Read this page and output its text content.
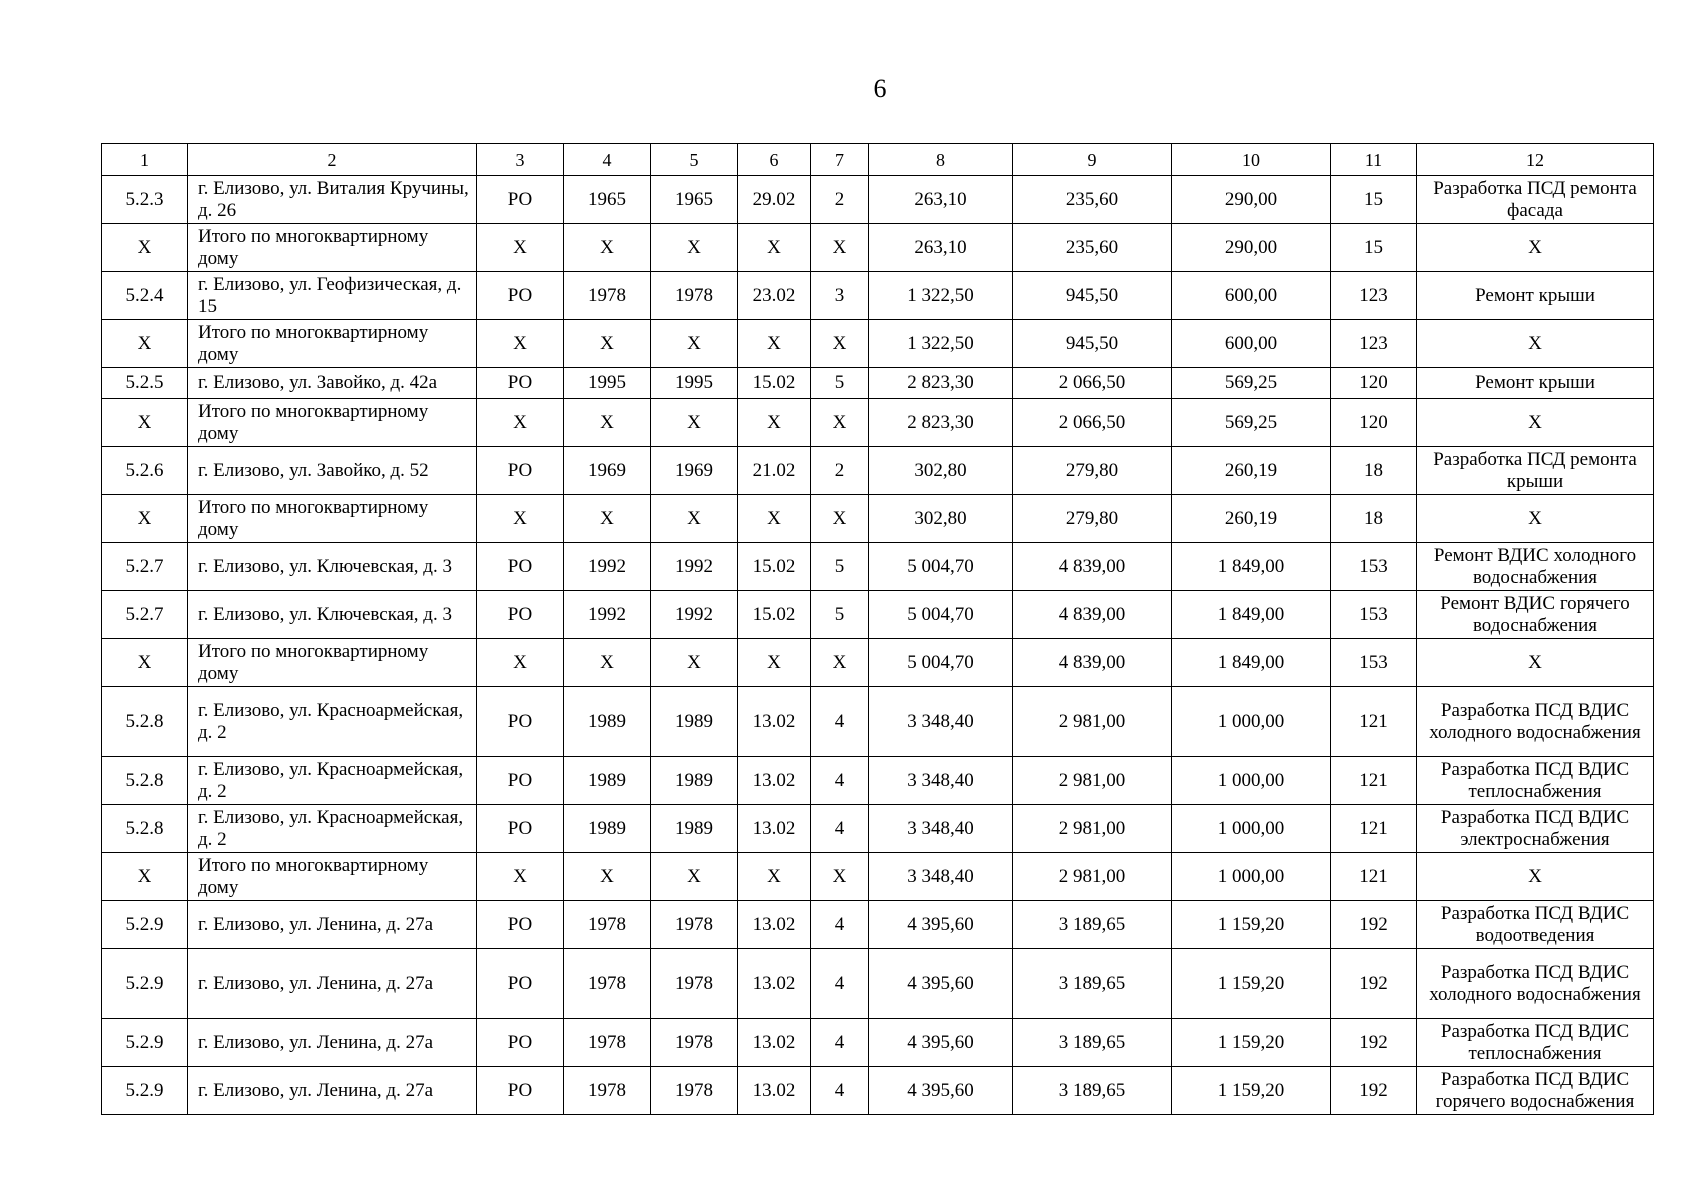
6
1	2	3	4	5	6	7	8	9	10	11	12
5.2.3	г. Елизово, ул. Виталия Кручины, д. 26	РО	1965	1965	29.02	2	263,10	235,60	290,00	15	Разработка ПСД ремонта фасада
Х	Итого по многоквартирному дому	Х	Х	Х	Х	Х	263,10	235,60	290,00	15	Х
5.2.4	г. Елизово, ул. Геофизическая, д. 15	РО	1978	1978	23.02	3	1 322,50	945,50	600,00	123	Ремонт крыши
Х	Итого по многоквартирному дому	Х	Х	Х	Х	Х	1 322,50	945,50	600,00	123	Х
5.2.5	г. Елизово, ул. Завойко, д. 42а	РО	1995	1995	15.02	5	2 823,30	2 066,50	569,25	120	Ремонт крыши
Х	Итого по многоквартирному дому	Х	Х	Х	Х	Х	2 823,30	2 066,50	569,25	120	Х
5.2.6	г. Елизово, ул. Завойко, д. 52	РО	1969	1969	21.02	2	302,80	279,80	260,19	18	Разработка ПСД ремонта крыши
Х	Итого по многоквартирному дому	Х	Х	Х	Х	Х	302,80	279,80	260,19	18	Х
5.2.7	г. Елизово, ул. Ключевская, д. 3	РО	1992	1992	15.02	5	5 004,70	4 839,00	1 849,00	153	Ремонт ВДИС холодного водоснабжения
5.2.7	г. Елизово, ул. Ключевская, д. 3	РО	1992	1992	15.02	5	5 004,70	4 839,00	1 849,00	153	Ремонт ВДИС горячего водоснабжения
Х	Итого по многоквартирному дому	Х	Х	Х	Х	Х	5 004,70	4 839,00	1 849,00	153	Х
5.2.8	г. Елизово, ул. Красноармейская, д. 2	РО	1989	1989	13.02	4	3 348,40	2 981,00	1 000,00	121	Разработка ПСД ВДИС холодного водоснабжения
5.2.8	г. Елизово, ул. Красноармейская, д. 2	РО	1989	1989	13.02	4	3 348,40	2 981,00	1 000,00	121	Разработка ПСД ВДИС теплоснабжения
5.2.8	г. Елизово, ул. Красноармейская, д. 2	РО	1989	1989	13.02	4	3 348,40	2 981,00	1 000,00	121	Разработка ПСД ВДИС электроснабжения
Х	Итого по многоквартирному дому	Х	Х	Х	Х	Х	3 348,40	2 981,00	1 000,00	121	Х
5.2.9	г. Елизово, ул. Ленина, д. 27а	РО	1978	1978	13.02	4	4 395,60	3 189,65	1 159,20	192	Разработка ПСД ВДИС водоотведения
5.2.9	г. Елизово, ул. Ленина, д. 27а	РО	1978	1978	13.02	4	4 395,60	3 189,65	1 159,20	192	Разработка ПСД ВДИС холодного водоснабжения
5.2.9	г. Елизово, ул. Ленина, д. 27а	РО	1978	1978	13.02	4	4 395,60	3 189,65	1 159,20	192	Разработка ПСД ВДИС теплоснабжения
5.2.9	г. Елизово, ул. Ленина, д. 27а	РО	1978	1978	13.02	4	4 395,60	3 189,65	1 159,20	192	Разработка ПСД ВДИС горячего водоснабжения
